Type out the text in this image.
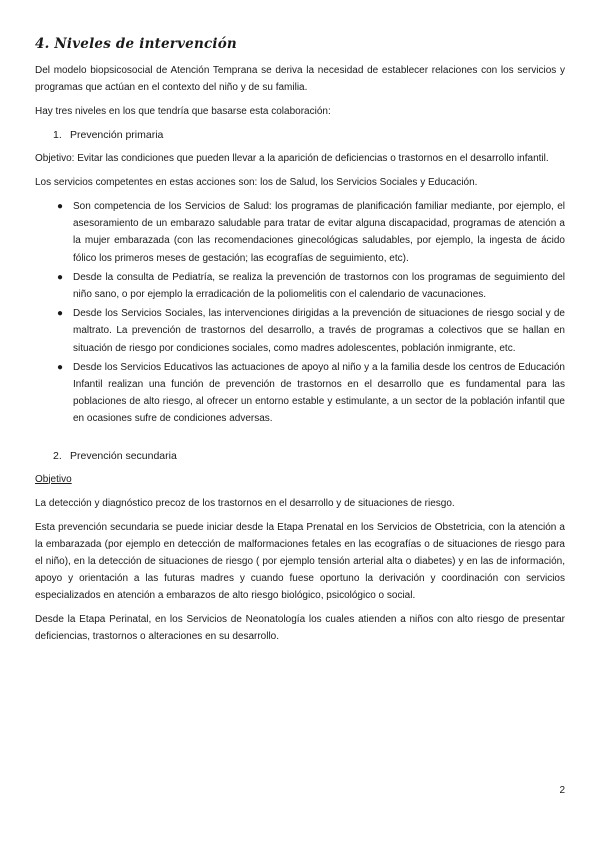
4. Niveles de intervención

Del modelo biopsicosocial de Atención Temprana se deriva la necesidad de establecer relaciones con los servicios y programas que actúan en el contexto del niño y de su familia.

Hay tres niveles en los que tendría que basarse esta colaboración:

1. Prevención primaria

Objetivo: Evitar las condiciones que pueden llevar a la aparición de deficiencias o trastornos en el desarrollo infantil.

Los servicios competentes en estas acciones son: los de Salud, los Servicios Sociales y Educación.

● Son competencia de los Servicios de Salud: los programas de planificación familiar mediante, por ejemplo, el asesoramiento de un embarazo saludable para tratar de evitar alguna discapacidad, programas de atención a la mujer embarazada (con las recomendaciones ginecológicas saludables, por ejemplo, la ingesta de ácido fólico los primeros meses de gestación; las ecografías de seguimiento, etc).
● Desde la consulta de Pediatría, se realiza la prevención de trastornos con los programas de seguimiento del niño sano, o por ejemplo la erradicación de la poliomelitis con el calendario de vacunaciones.
● Desde los Servicios Sociales, las intervenciones dirigidas a la prevención de situaciones de riesgo social y de maltrato. La prevención de trastornos del desarrollo, a través de programas a colectivos que se hallan en situación de riesgo por condiciones sociales, como madres adolescentes, población inmigrante, etc.
● Desde los Servicios Educativos las actuaciones de apoyo al niño y a la familia desde los centros de Educación Infantil realizan una función de prevención de trastornos en el desarrollo que es fundamental para las poblaciones de alto riesgo, al ofrecer un entorno estable y estimulante, a un sector de la población infantil que en ocasiones sufre de condiciones adversas.
2. Prevención secundaria

Objetivo

La detección y diagnóstico precoz de los trastornos en el desarrollo y de situaciones de riesgo.

Esta prevención secundaria se puede iniciar desde la Etapa Prenatal en los Servicios de Obstetricia, con la atención a la embarazada (por ejemplo en detección de malformaciones fetales en las ecografías o de situaciones de riesgo para el niño), en la detección de situaciones de riesgo ( por ejemplo tensión arterial alta o diabetes) y en las de información, apoyo y orientación a las futuras madres y cuando fuese oportuno la derivación y coordinación con servicios especializados en atención a embarazos de alto riesgo biológico, psicológico o social.

Desde la Etapa Perinatal, en los Servicios de Neonatología los cuales atienden a niños con alto riesgo de presentar deficiencias, trastornos o alteraciones en su desarrollo.

2
